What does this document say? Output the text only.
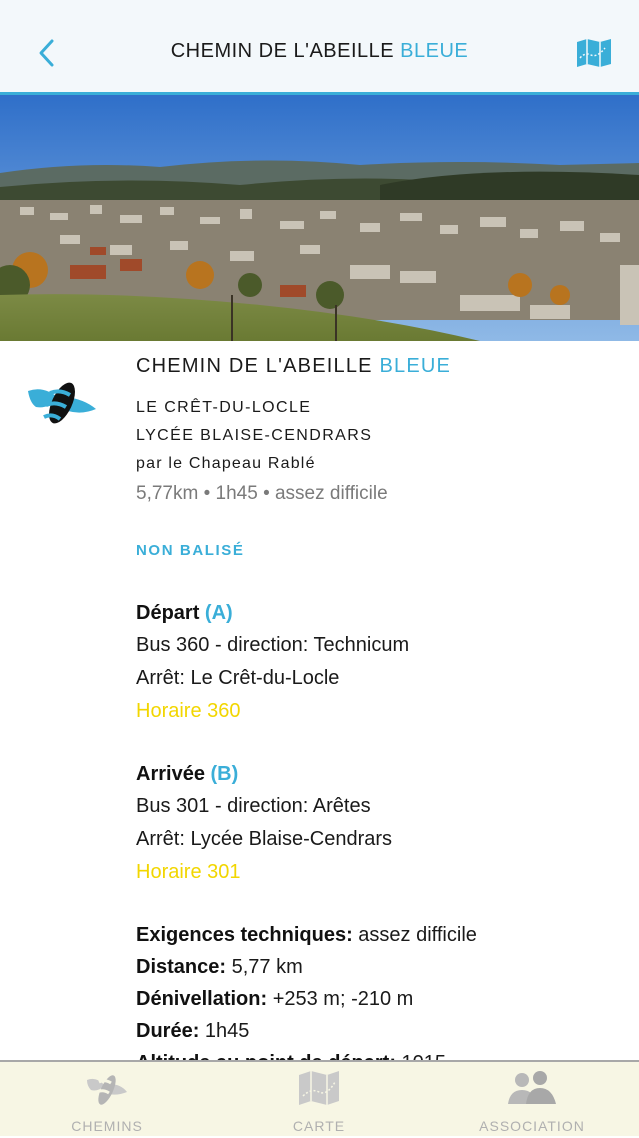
CHEMIN DE L'ABEILLE BLEUE
CHEMIN DE L'ABEILLE BLEUE
LE CRÊT-DU-LOCLE
LYCÉE BLAISE-CENDRARS
par le Chapeau Rablé
5,77km • 1h45 • assez difficile
NON BALISÉ
Départ (A)
Bus 360 - direction: Technicum
Arrêt: Le Crêt-du-Locle
Horaire 360
Arrivée (B)
Bus 301 - direction: Arêtes
Arrêt: Lycée Blaise-Cendrars
Horaire 301
Exigences techniques: assez difficile
Distance: 5,77 km
Dénivellation: +253 m; -210 m
Durée: 1h45
CHEMINS	CARTE	ASSOCIATION
